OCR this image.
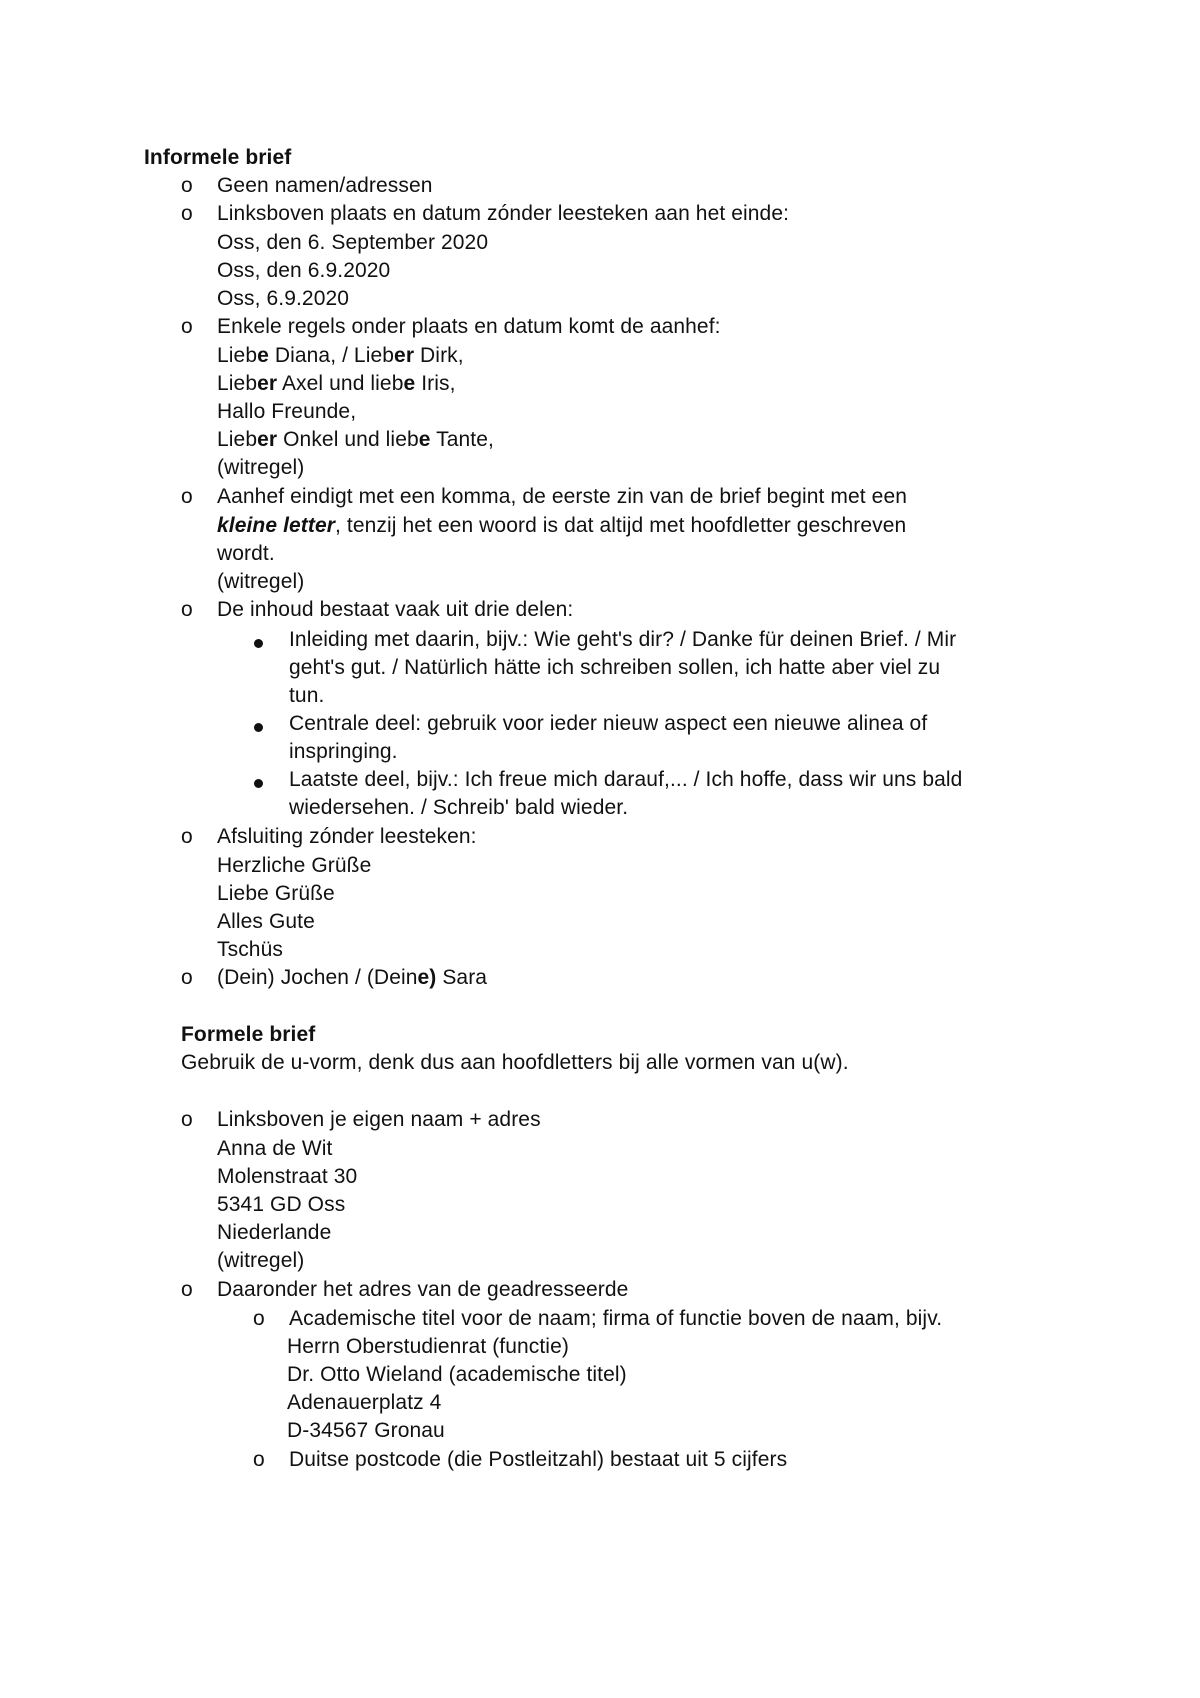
Informele brief
o Geen namen/adressen
o Linksboven plaats en datum zónder leesteken aan het einde:
Oss, den 6. September 2020
Oss, den 6.9.2020
Oss, 6.9.2020
o Enkele regels onder plaats en datum komt de aanhef:
Liebe Diana, / Lieber Dirk,
Lieber Axel und liebe Iris,
Hallo Freunde,
Lieber Onkel und liebe Tante,
(witregel)
o Aanhef eindigt met een komma, de eerste zin van de brief begint met een
kleine letter, tenzij het een woord is dat altijd met hoofdletter geschreven
wordt.
(witregel)
o De inhoud bestaat vaak uit drie delen:
Inleiding met daarin, bijv.: Wie geht's dir? / Danke für deinen Brief. / Mir
geht's gut. / Natürlich hätte ich schreiben sollen, ich hatte aber viel zu
tun.
Centrale deel: gebruik voor ieder nieuw aspect een nieuwe alinea of
inspringing.
Laatste deel, bijv.: Ich freue mich darauf,... / Ich hoffe, dass wir uns bald
wiedersehen. / Schreib' bald wieder.
o Afsluiting zónder leesteken:
Herzliche Grüße
Liebe Grüße
Alles Gute
Tschüs
o (Dein) Jochen / (Deine) Sara
Formele brief
Gebruik de u-vorm, denk dus aan hoofdletters bij alle vormen van u(w).
o Linksboven je eigen naam + adres
Anna de Wit
Molenstraat 30
5341 GD Oss
Niederlande
(witregel)
o Daaronder het adres van de geadresseerde
o Academische titel voor de naam; firma of functie boven de naam, bijv.
Herrn Oberstudienrat (functie)
Dr. Otto Wieland (academische titel)
Adenauerplatz 4
D-34567 Gronau
o Duitse postcode (die Postleitzahl) bestaat uit 5 cijfers
